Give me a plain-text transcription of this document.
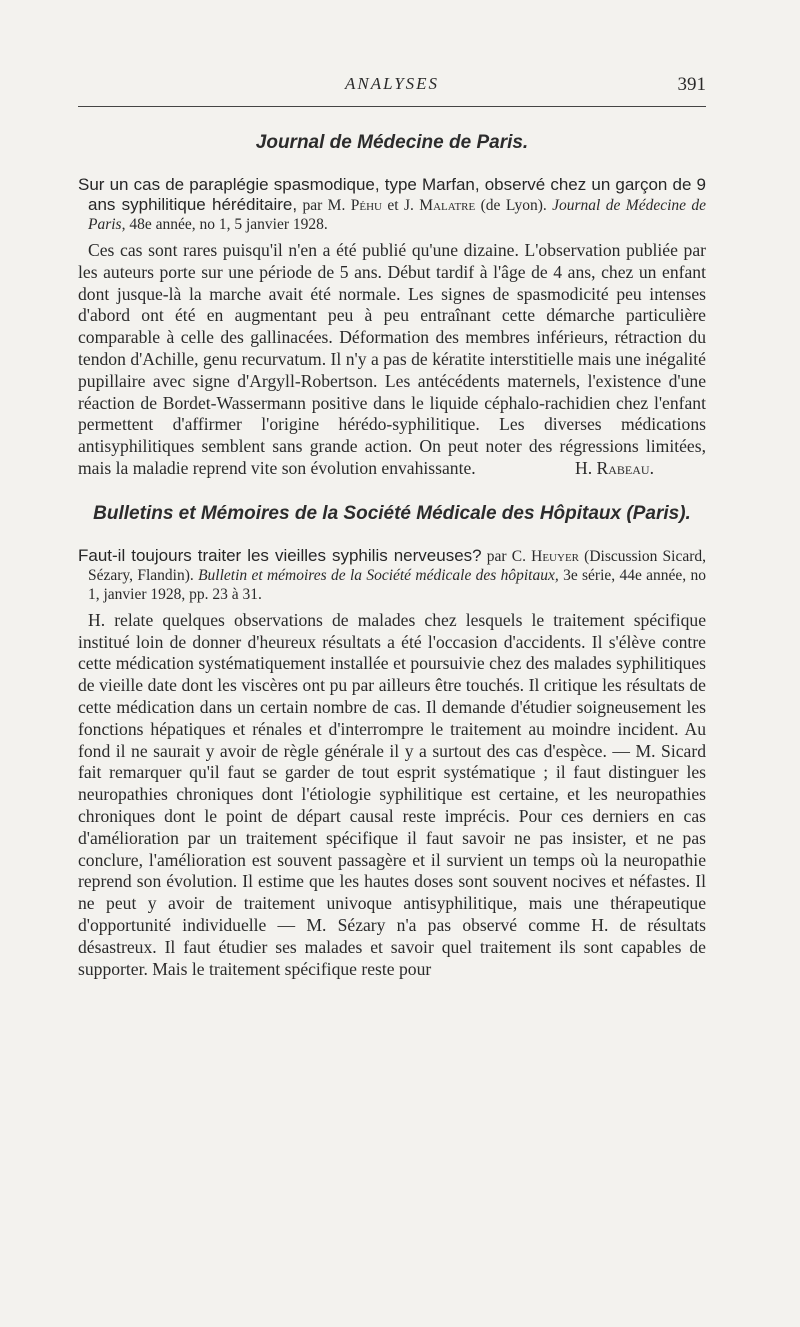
ANALYSES	391
Journal de Médecine de Paris.
Sur un cas de paraplégie spasmodique, type Marfan, observé chez un garçon de 9 ans syphilitique héréditaire, par M. Péhu et J. Malatre (de Lyon). Journal de Médecine de Paris, 48e année, no 1, 5 janvier 1928.
Ces cas sont rares puisqu'il n'en a été publié qu'une dizaine. L'observation publiée par les auteurs porte sur une période de 5 ans. Début tardif à l'âge de 4 ans, chez un enfant dont jusque-là la marche avait été normale. Les signes de spasmodicité peu intenses d'abord ont été en augmentant peu à peu entraînant cette démarche particulière comparable à celle des gallinacées. Déformation des membres inférieurs, rétraction du tendon d'Achille, genu recurvatum. Il n'y a pas de kératite interstitielle mais une inégalité pupillaire avec signe d'Argyll-Robertson. Les antécédents maternels, l'existence d'une réaction de Bordet-Wassermann positive dans le liquide céphalo-rachidien chez l'enfant permettent d'affirmer l'origine hérédo-syphilitique. Les diverses médications antisyphilitiques semblent sans grande action. On peut noter des régressions limitées, mais la maladie reprend vite son évolution envahissante.	H. Rabeau.
Bulletins et Mémoires de la Société Médicale des Hôpitaux (Paris).
Faut-il toujours traiter les vieilles syphilis nerveuses? par C. Heuyer (Discussion Sicard, Sézary, Flandin). Bulletin et mémoires de la Société médicale des hôpitaux, 3e série, 44e année, no 1, janvier 1928, pp. 23 à 31.
H. relate quelques observations de malades chez lesquels le traitement spécifique institué loin de donner d'heureux résultats a été l'occasion d'accidents. Il s'élève contre cette médication systématiquement installée et poursuivie chez des malades syphilitiques de vieille date dont les viscères ont pu par ailleurs être touchés. Il critique les résultats de cette médication dans un certain nombre de cas. Il demande d'étudier soigneusement les fonctions hépatiques et rénales et d'interrompre le traitement au moindre incident. Au fond il ne saurait y avoir de règle générale il y a surtout des cas d'espèce. — M. Sicard fait remarquer qu'il faut se garder de tout esprit systématique ; il faut distinguer les neuropathies chroniques dont l'étiologie syphilitique est certaine, et les neuropathies chroniques dont le point de départ causal reste imprécis. Pour ces derniers en cas d'amélioration par un traitement spécifique il faut savoir ne pas insister, et ne pas conclure, l'amélioration est souvent passagère et il survient un temps où la neuropathie reprend son évolution. Il estime que les hautes doses sont souvent nocives et néfastes. Il ne peut y avoir de traitement univoque antisyphilitique, mais une thérapeutique d'opportunité individuelle — M. Sézary n'a pas observé comme H. de résultats désastreux. Il faut étudier ses malades et savoir quel traitement ils sont capables de supporter. Mais le traitement spécifique reste pour
